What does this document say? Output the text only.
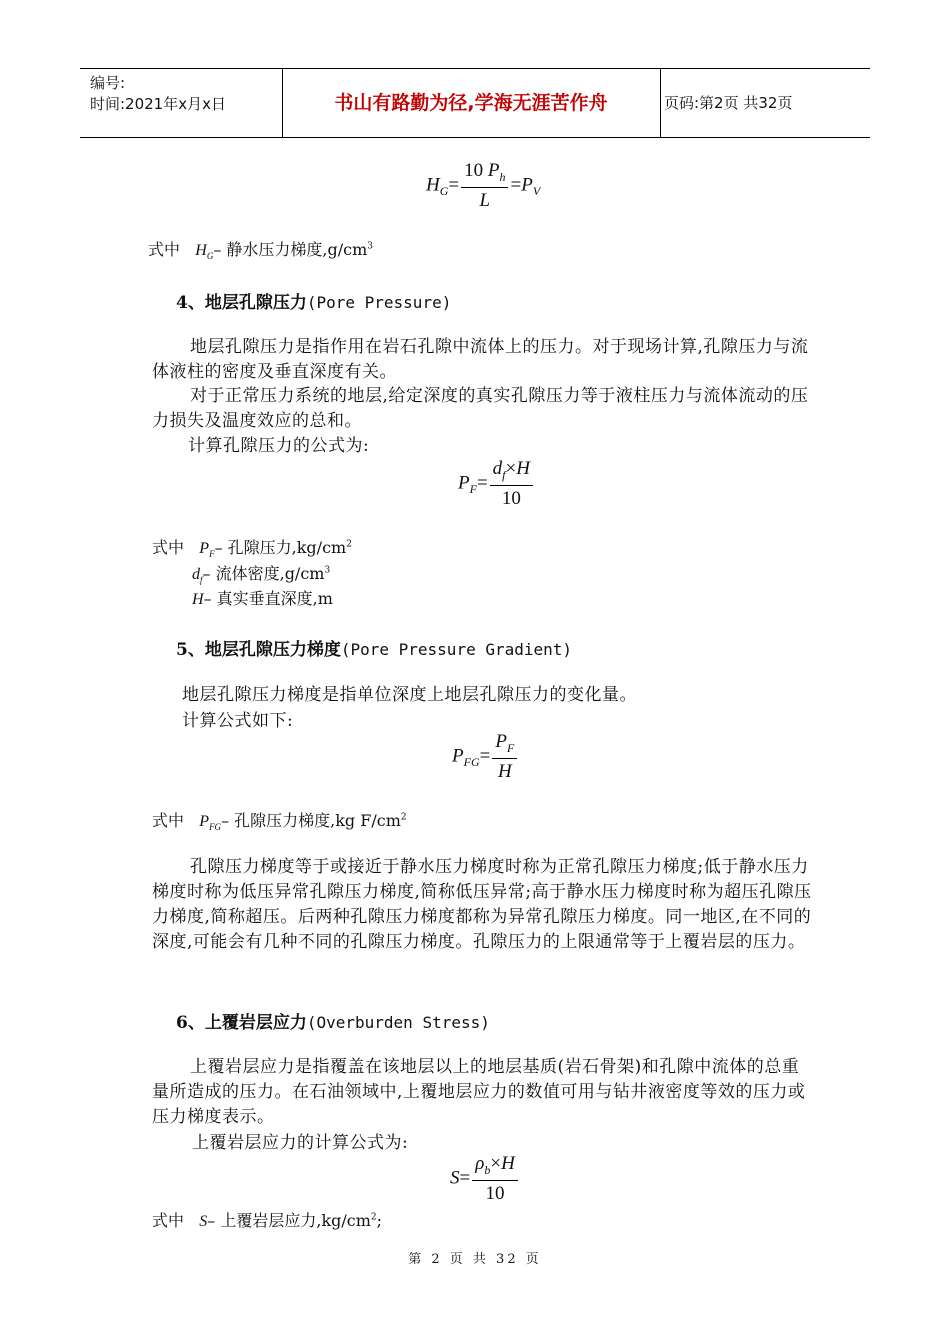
编号:
时间:2021年x月x日	书山有路勤为径,学海无涯苦作舟	页码:第2页 共32页
$H_G= \frac{10 P_h}{L} =P_V$
式中 $H_G-$ 静水压力梯度$,g/cm^3$
4、地层孔隙压力(Pore Pressure)
地层孔隙压力是指作用在岩石孔隙中流体上的压力。对于现场计算,孔隙压力与流体液柱的密度及垂直深度有关。
对于正常压力系统的地层,给定深度的真实孔隙压力等于液柱压力与流体流动的压力损失及温度效应的总和。
计算孔隙压力的公式为:
$P_F= \frac{d_f\times H}{10}$
式中 $P_F-$ 孔隙压力$,kg/cm^2$
$d_f-$ 流体密度$,g/cm^3$
H– 真实垂直深度,m
5、地层孔隙压力梯度(Pore Pressure Gradient)
地层孔隙压力梯度是指单位深度上地层孔隙压力的变化量。
计算公式如下:
$P_{FG}= \frac{P_F}{H}$
式中 $P_{FG}-$ 孔隙压力梯度,kg $F/cm^2$
孔隙压力梯度等于或接近于静水压力梯度时称为正常孔隙压力梯度;低于静水压力梯度时称为低压异常孔隙压力梯度,简称低压异常;高于静水压力梯度时称为超压孔隙压力梯度,简称超压。后两种孔隙压力梯度都称为异常孔隙压力梯度。同一地区,在不同的深度,可能会有几种不同的孔隙压力梯度。孔隙压力的上限通常等于上覆岩层的压力。
6、上覆岩层应力(Overburden Stress)
上覆岩层应力是指覆盖在该地层以上的地层基质(岩石骨架)和孔隙中流体的总重量所造成的压力。在石油领域中,上覆地层应力的数值可用与钻井液密度等效的压力或压力梯度表示。
上覆岩层应力的计算公式为:
$S= \frac{\rho_b\times H}{10}$
式中 S– 上覆岩层应力$,kg/cm^2$;
第 2 页 共 32 页
